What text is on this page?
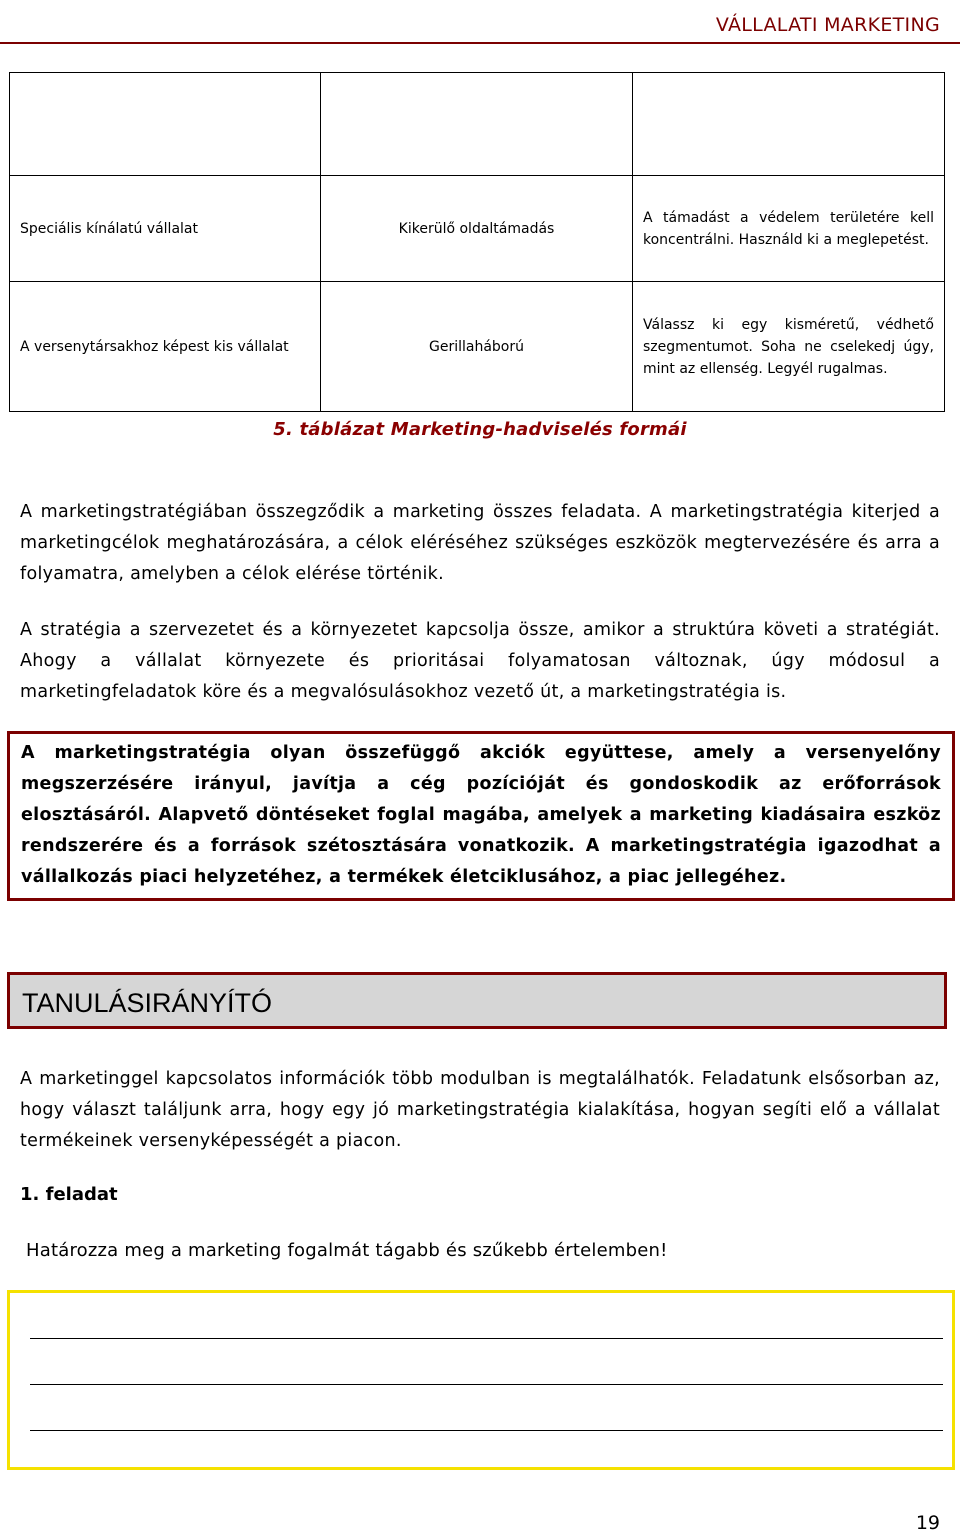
VÁLLALATI MARKETING

Speciális kínálatú vállalat	Kikerülő oldaltámadás	A támadást a védelem területére kell koncentrálni. Használd ki a meglepetést.
A versenytársakhoz képest kis vállalat	Gerillaháború	Válassz ki egy kisméretű, védhető szegmentumot. Soha ne cselekedj úgy, mint az ellenség. Legyél rugalmas.
5. táblázat Marketing-hadviselés formái
A marketingstratégiában összegződik a marketing összes feladata. A marketingstratégia kiterjed a marketingcélok meghatározására, a célok eléréséhez szükséges eszközök megtervezésére és arra a folyamatra, amelyben a célok elérése történik.
A stratégia a szervezetet és a környezetet kapcsolja össze, amikor a struktúra követi a stratégiát. Ahogy a vállalat környezete és prioritásai folyamatosan változnak, úgy módosul a marketingfeladatok köre és a megvalósulásokhoz vezető út, a marketingstratégia is.
A marketingstratégia olyan összefüggő akciók együttese, amely a versenyelőny megszerzésére irányul, javítja a cég pozícióját és gondoskodik az erőforrások elosztásáról. Alapvető döntéseket foglal magába, amelyek a marketing kiadásaira eszköz rendszerére és a források szétosztására vonatkozik. A marketingstratégia igazodhat a vállalkozás piaci helyzetéhez, a termékek életciklusához, a piac jellegéhez.
TANULÁSIRÁNYÍTÓ
A marketinggel kapcsolatos információk több modulban is megtalálhatók. Feladatunk elsősorban az, hogy választ találjunk arra, hogy egy jó marketingstratégia kialakítása, hogyan segíti elő a vállalat termékeinek versenyképességét a piacon.
1. feladat
Határozza meg a marketing fogalmát tágabb és szűkebb értelemben!
19
